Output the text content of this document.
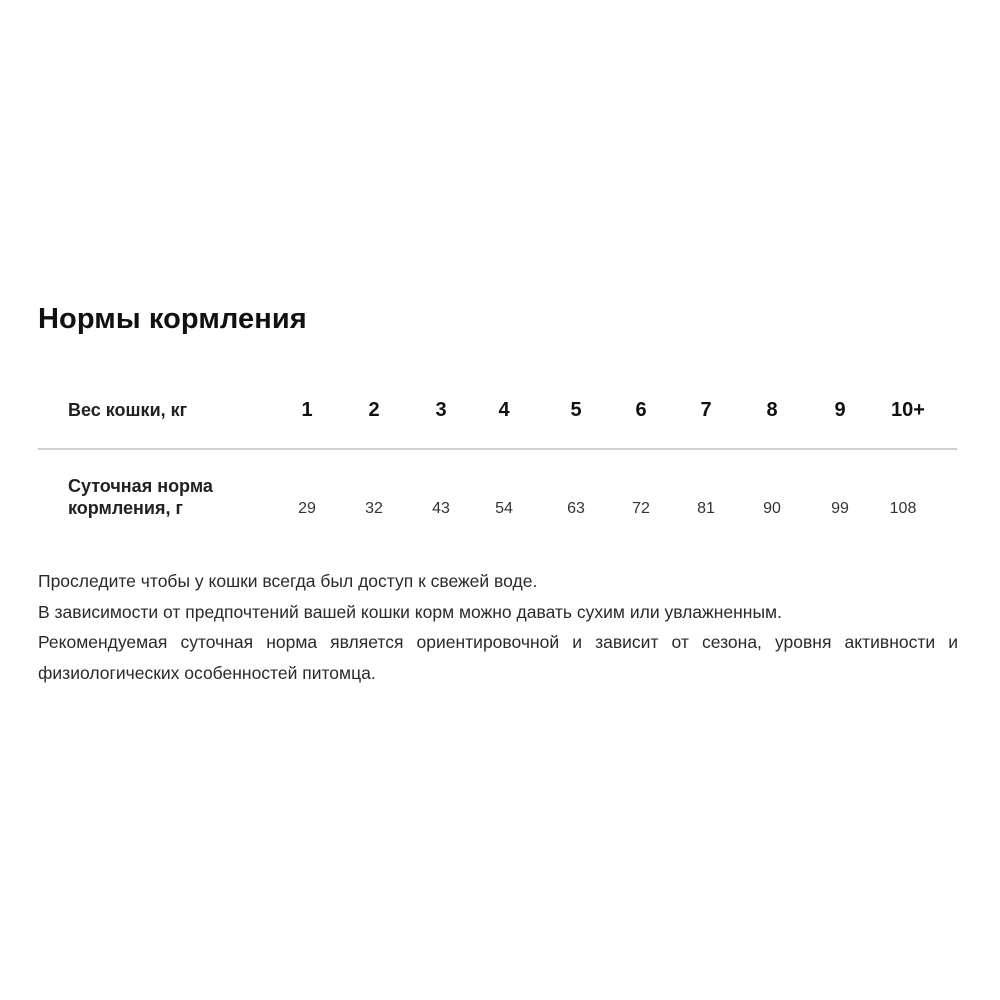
Нормы кормления
Вес кошки, кг	1	2	3	4	5	6	7	8	9	10+
Суточная норма
кормления, г	29	32	43	54	63	72	81	90	99	108

Проследите чтобы у кошки всегда был доступ к свежей воде.

В зависимости от предпочтений вашей кошки корм можно давать сухим или увлажненным.

Рекомендуемая суточная норма является ориентировочной и зависит от сезона, уровня активности и физиологических особенностей питомца.
